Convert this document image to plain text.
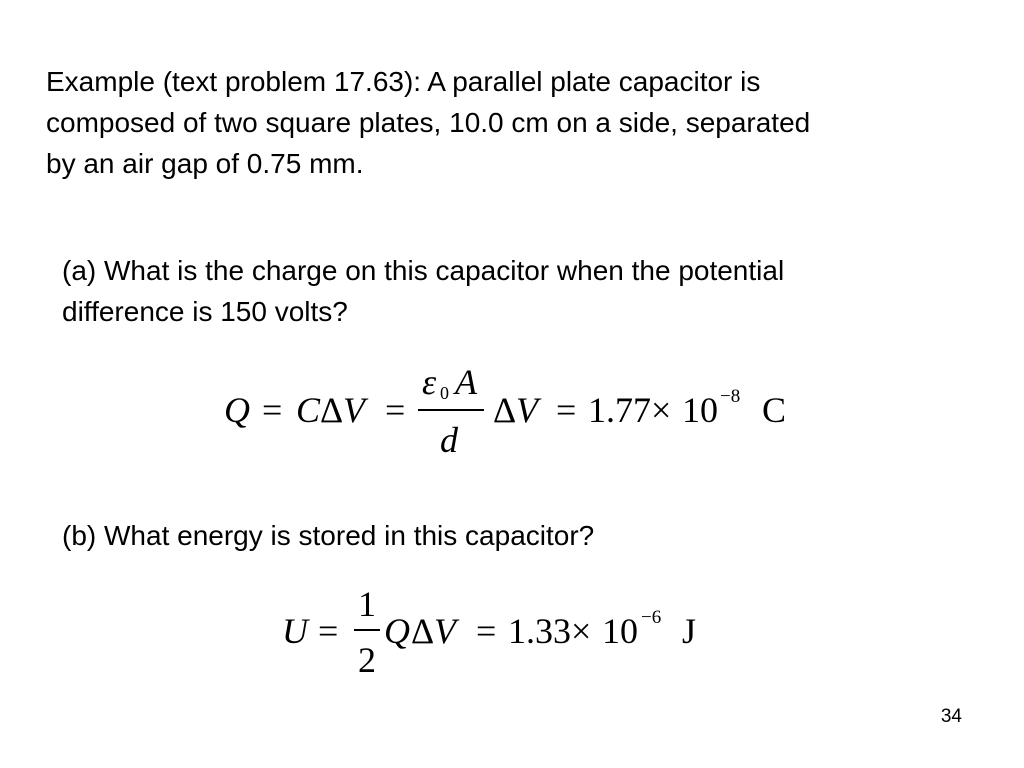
Example (text problem 17.63): A parallel plate capacitor is
composed of two square plates, 10.0 cm on a side, separated
by an air gap of 0.75 mm.

(a) What is the charge on this capacitor when the potential
difference is 150 volts?

Q = C Δ V =
ε 0 A
d
Δ V = 1.77 × 10 −8 C

(b) What energy is stored in this capacitor?

U =
1
2
Q Δ V = 1.33 × 10 −6 J
34
